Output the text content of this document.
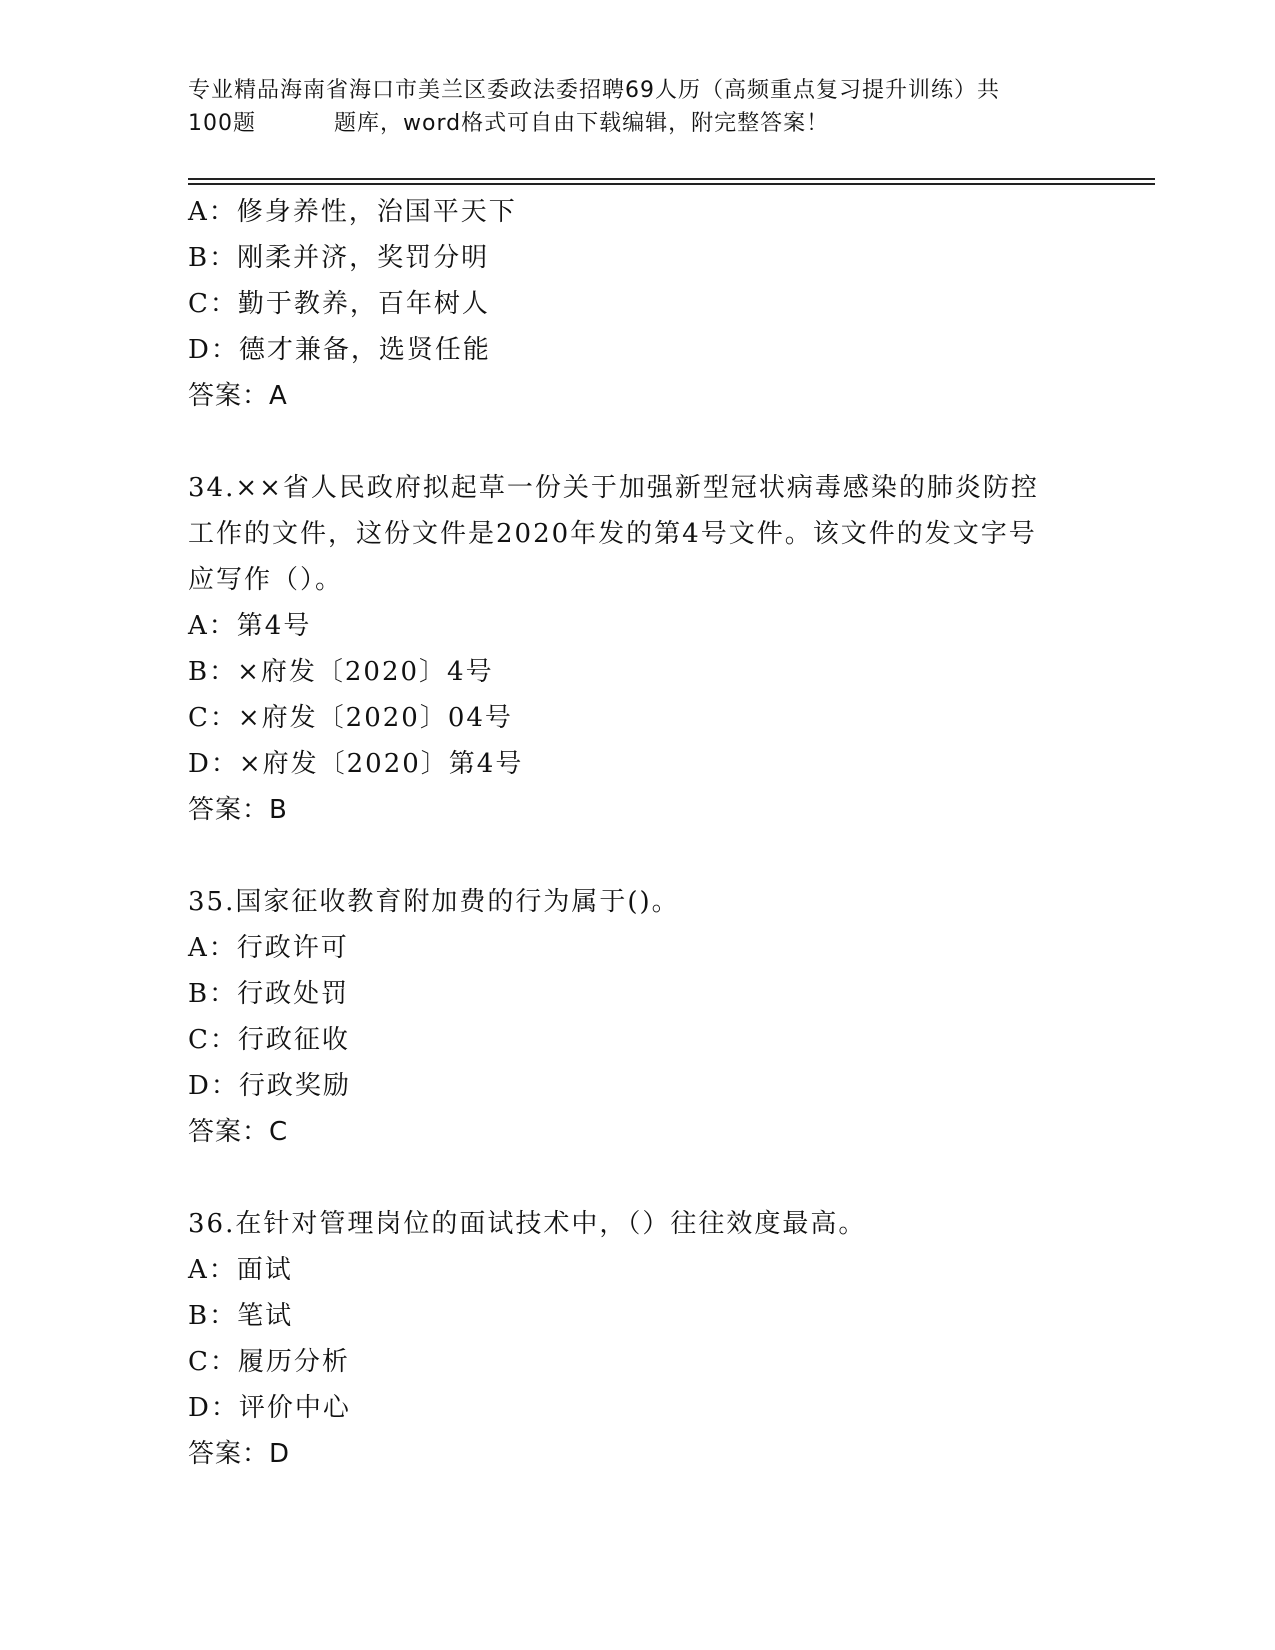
专业精品海南省海口市美兰区委政法委招聘69人历（高频重点复习提升训练）共
100题	题库，word格式可自由下载编辑，附完整答案！
A：修身养性，治国平天下
B：刚柔并济，奖罚分明
C：勤于教养，百年树人
D：德才兼备，选贤任能
答案：A
34.××省人民政府拟起草一份关于加强新型冠状病毒感染的肺炎防控
工作的文件，这份文件是2020年发的第4号文件。该文件的发文字号
应写作（）。
A：第4号
B：×府发〔2020〕4号
C：×府发〔2020〕04号
D：×府发〔2020〕第4号
答案：B
35.国家征收教育附加费的行为属于()。
A：行政许可
B：行政处罚
C：行政征收
D：行政奖励
答案：C
36.在针对管理岗位的面试技术中，（）往往效度最高。
A：面试
B：笔试
C：履历分析
D：评价中心
答案：D
